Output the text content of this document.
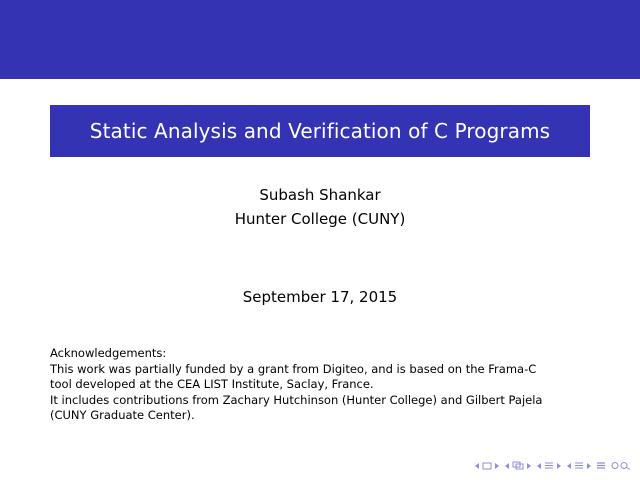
Static Analysis and Verification of C Programs
Subash Shankar
Hunter College (CUNY)
September 17, 2015
Acknowledgements:
This work was partially funded by a grant from Digiteo, and is based on the Frama-C
tool developed at the CEA LIST Institute, Saclay, France.
It includes contributions from Zachary Hutchinson (Hunter College) and Gilbert Pajela
(CUNY Graduate Center).
